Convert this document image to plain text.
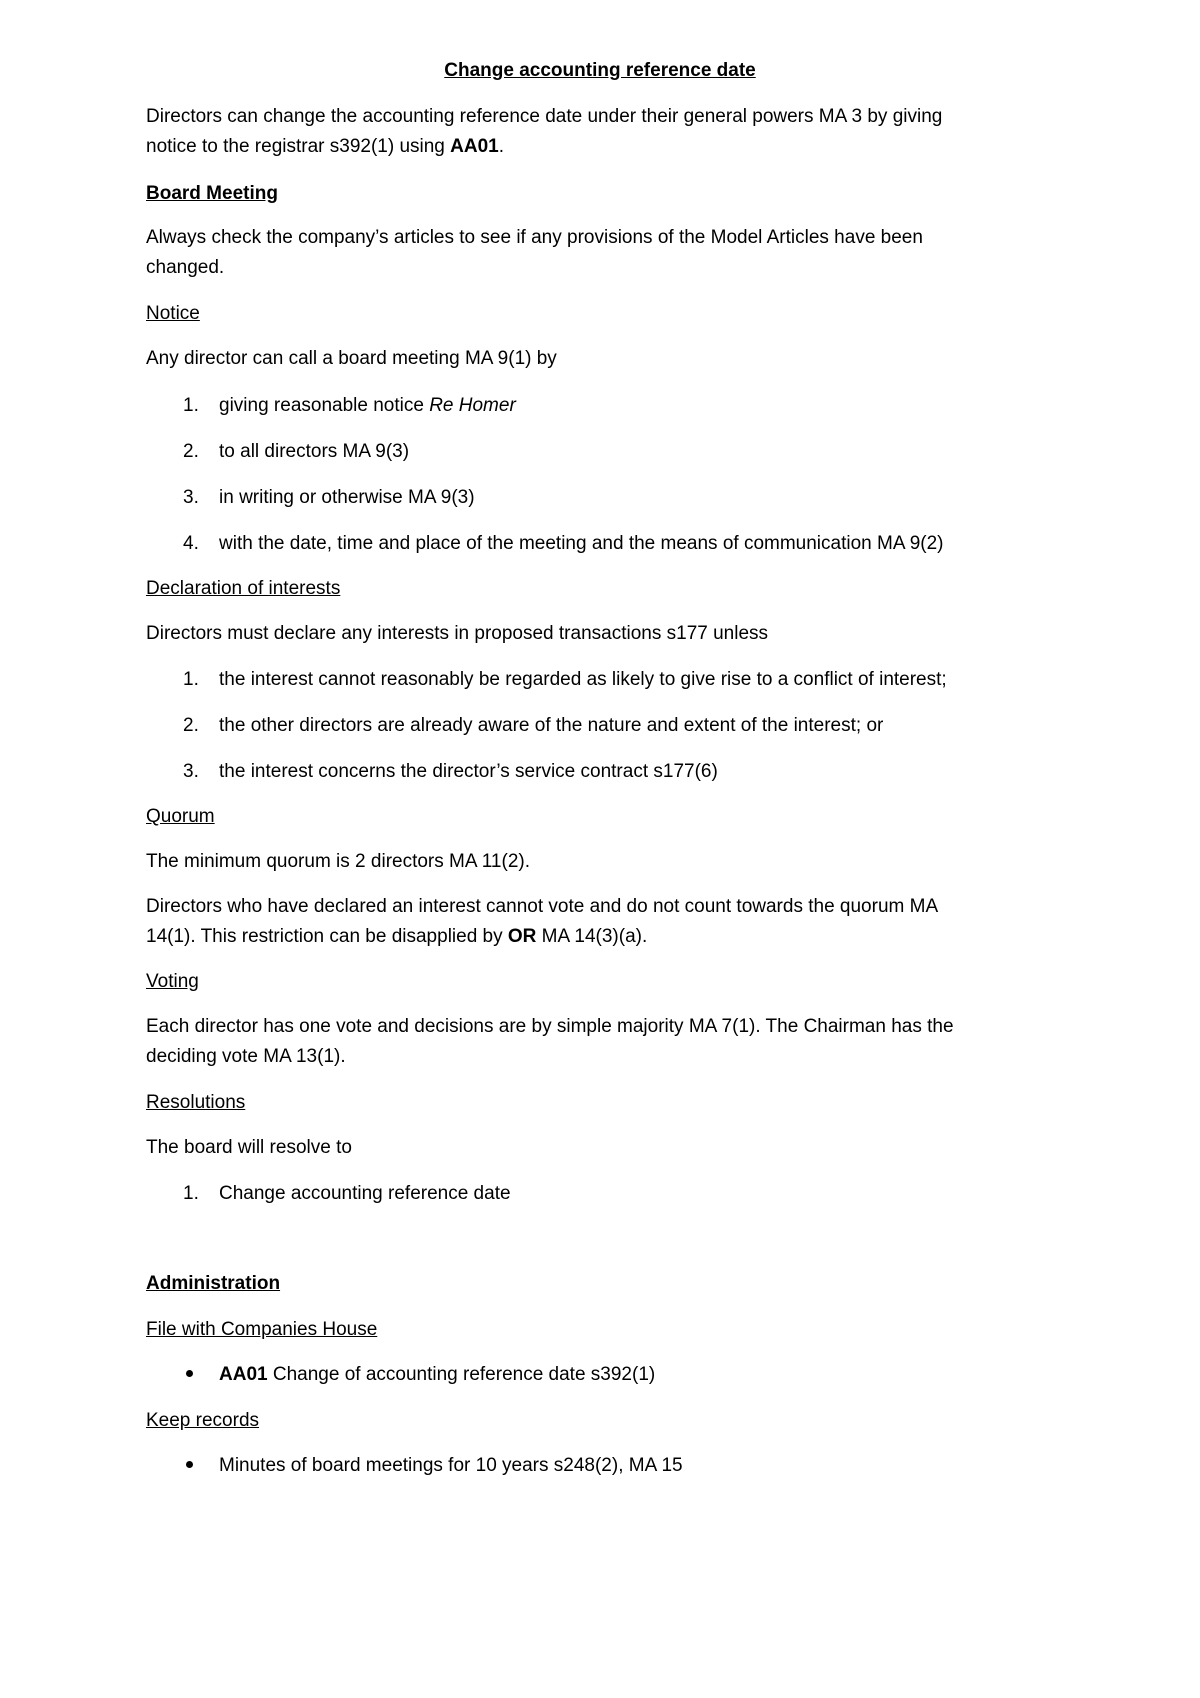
Change accounting reference date
Directors can change the accounting reference date under their general powers MA 3 by giving
notice to the registrar s392(1) using AA01.
Board Meeting
Always check the company’s articles to see if any provisions of the Model Articles have been
changed.
Notice
Any director can call a board meeting MA 9(1) by
1. giving reasonable notice Re Homer
2. to all directors MA 9(3)
3. in writing or otherwise MA 9(3)
4. with the date, time and place of the meeting and the means of communication MA 9(2)
Declaration of interests
Directors must declare any interests in proposed transactions s177 unless
1. the interest cannot reasonably be regarded as likely to give rise to a conflict of interest;
2. the other directors are already aware of the nature and extent of the interest; or
3. the interest concerns the director’s service contract s177(6)
Quorum
The minimum quorum is 2 directors MA 11(2).
Directors who have declared an interest cannot vote and do not count towards the quorum MA
14(1). This restriction can be disapplied by OR MA 14(3)(a).
Voting
Each director has one vote and decisions are by simple majority MA 7(1). The Chairman has the
deciding vote MA 13(1).
Resolutions
The board will resolve to
1. Change accounting reference date
Administration
File with Companies House
AA01 Change of accounting reference date s392(1)
Keep records
Minutes of board meetings for 10 years s248(2), MA 15
